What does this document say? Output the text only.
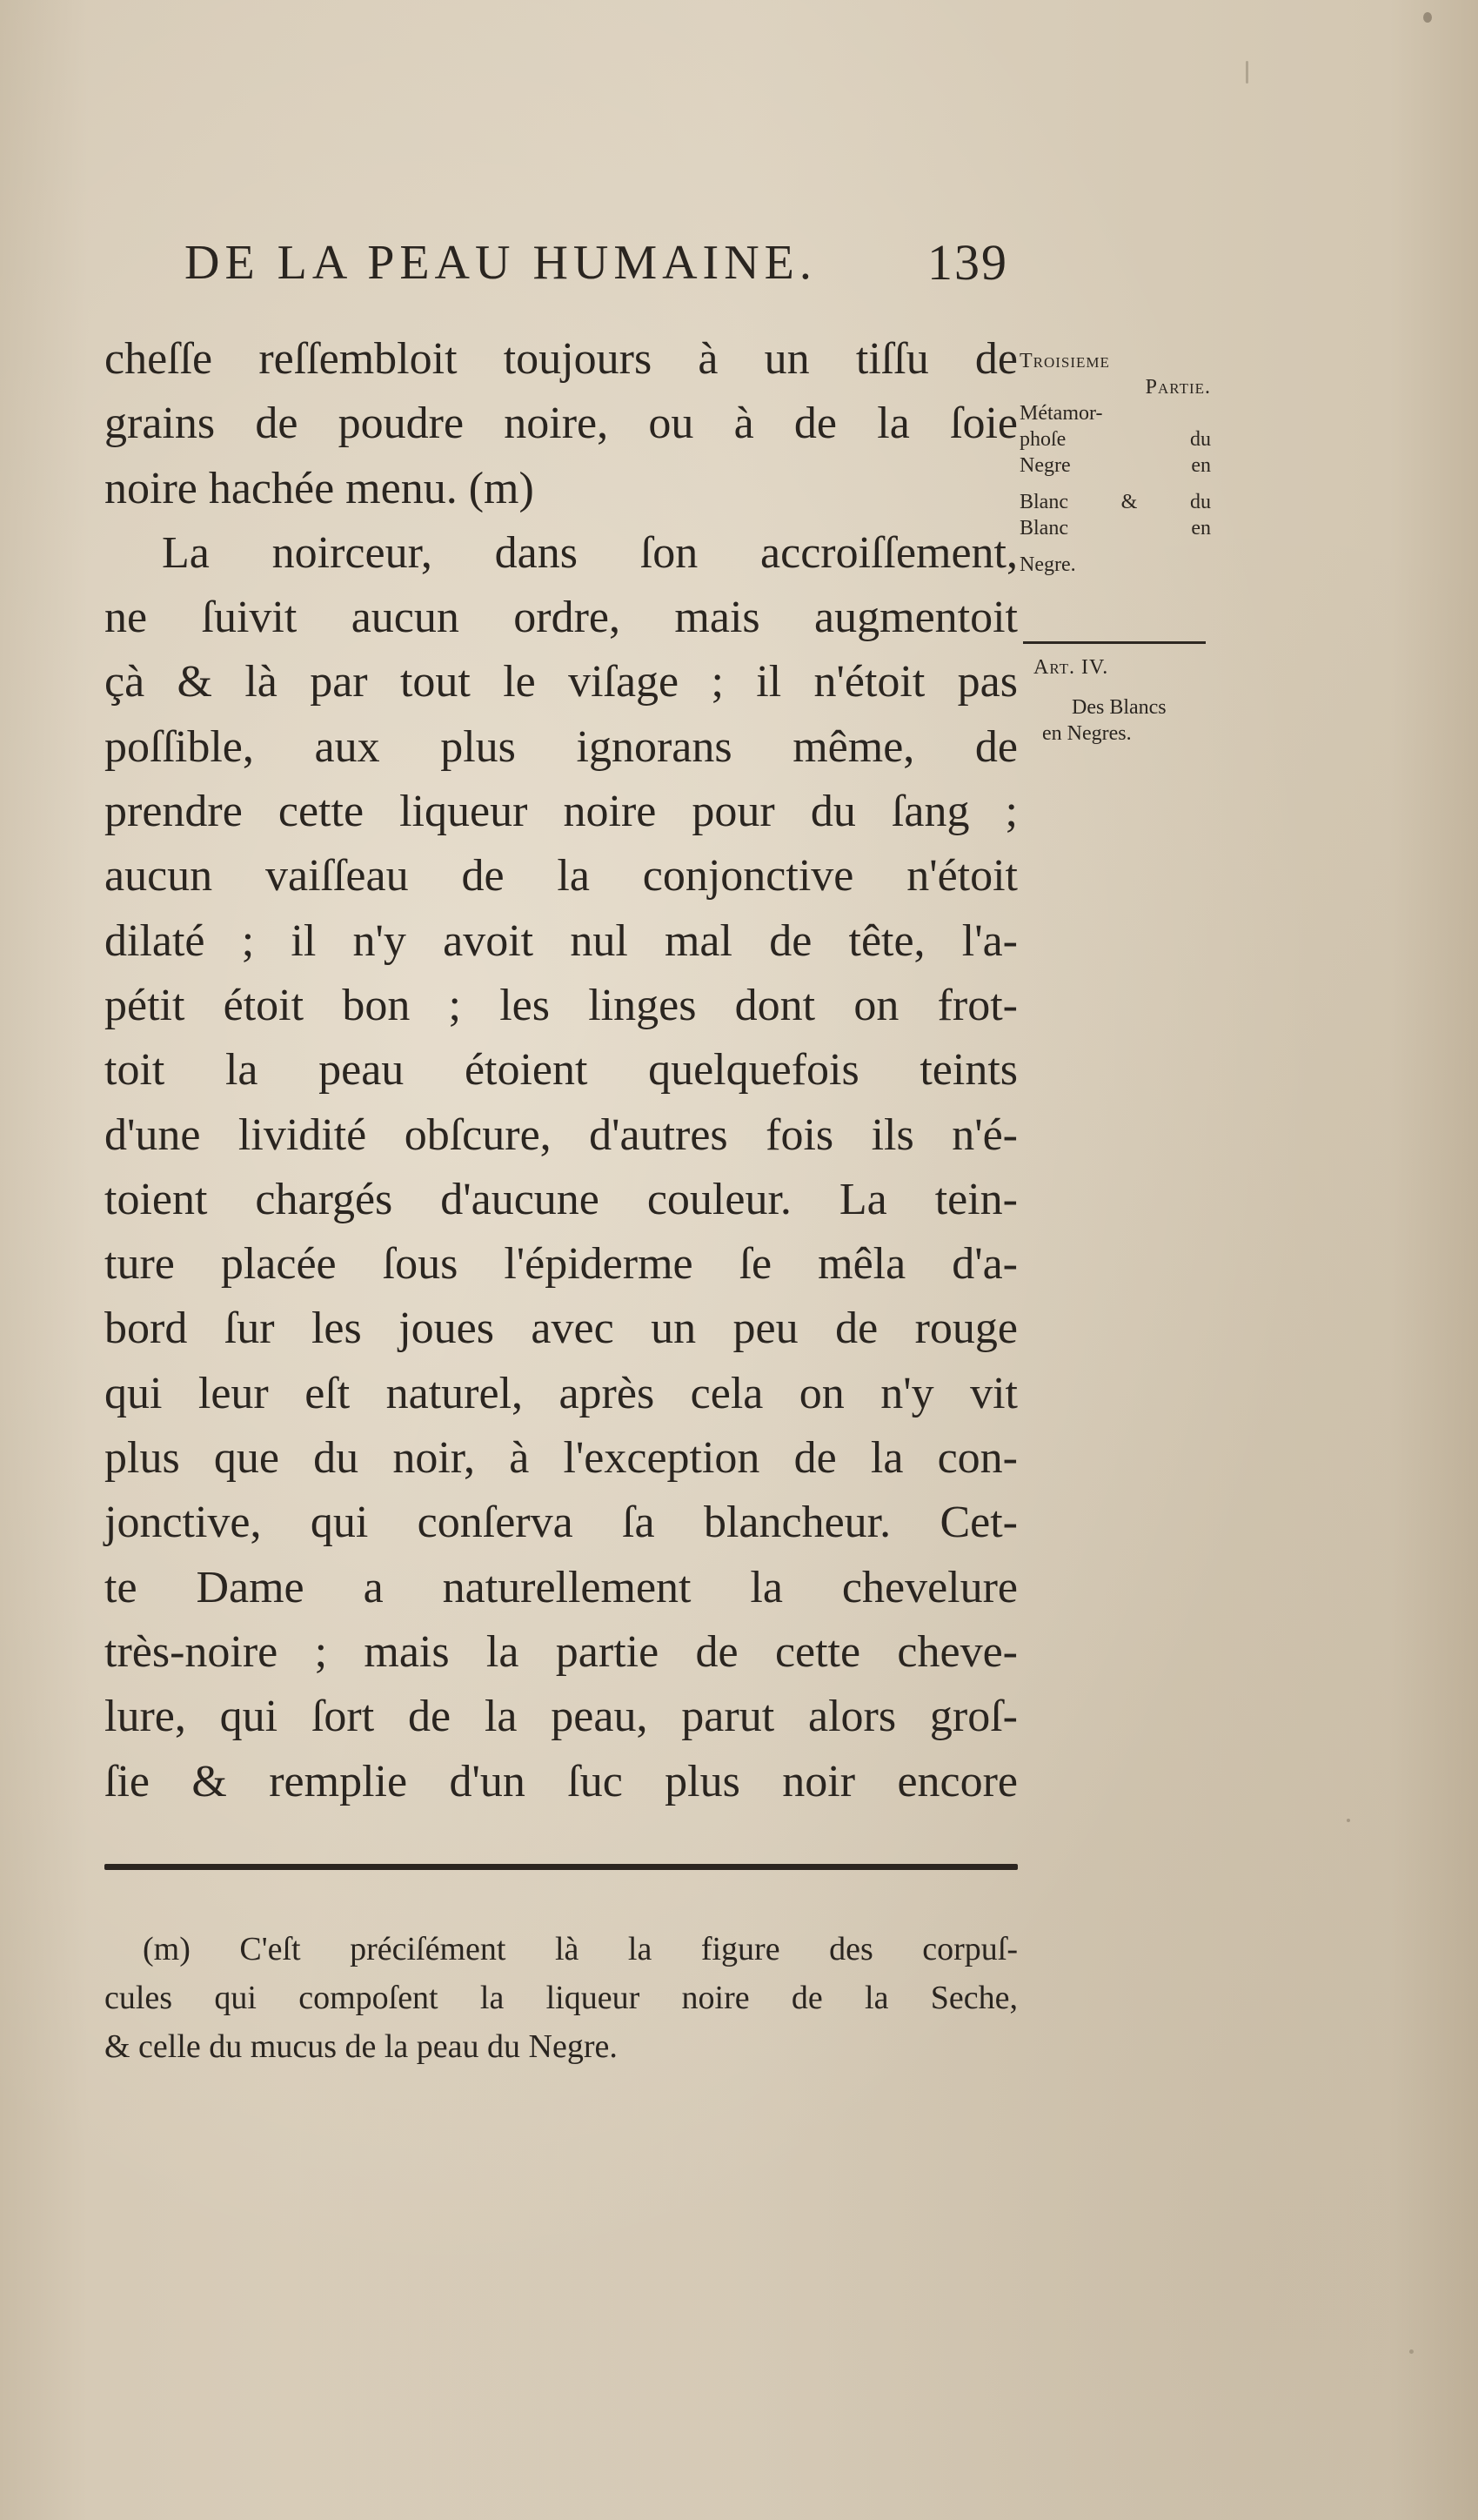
DE LA PEAU HUMAINE.	139
cheſſe reſſembloit toujours à un tiſſu de
grains de poudre noire, ou à de la ſoie
noire hachée menu. (m)
La noirceur, dans ſon accroiſſement,
ne ſuivit aucun ordre, mais augmentoit
çà & là par tout le viſage ; il n'étoit pas
poſſible, aux plus ignorans même, de
prendre cette liqueur noire pour du ſang ;
aucun vaiſſeau de la conjonctive n'étoit
dilaté ; il n'y avoit nul mal de tête, l'a-
pétit étoit bon ; les linges dont on frot-
toit la peau étoient quelquefois teints
d'une lividité obſcure, d'autres fois ils n'é-
toient chargés d'aucune couleur. La tein-
ture placée ſous l'épiderme ſe mêla d'a-
bord ſur les joues avec un peu de rouge
qui leur eſt naturel, après cela on n'y vit
plus que du noir, à l'exception de la con-
jonctive, qui conſerva ſa blancheur. Cet-
te Dame a naturellement la chevelure
très-noire ; mais la partie de cette cheve-
lure, qui ſort de la peau, parut alors groſ-
ſie & remplie d'un ſuc plus noir encore
Troisieme
Partie.
Métamor-
phoſe du
Negre en
Blanc & du
Blanc en
Negre.
Art. IV.
Des Blancs
en Negres.
(m) C'eſt préciſément là la figure des corpuſ-
cules qui compoſent la liqueur noire de la Seche,
& celle du mucus de la peau du Negre.
